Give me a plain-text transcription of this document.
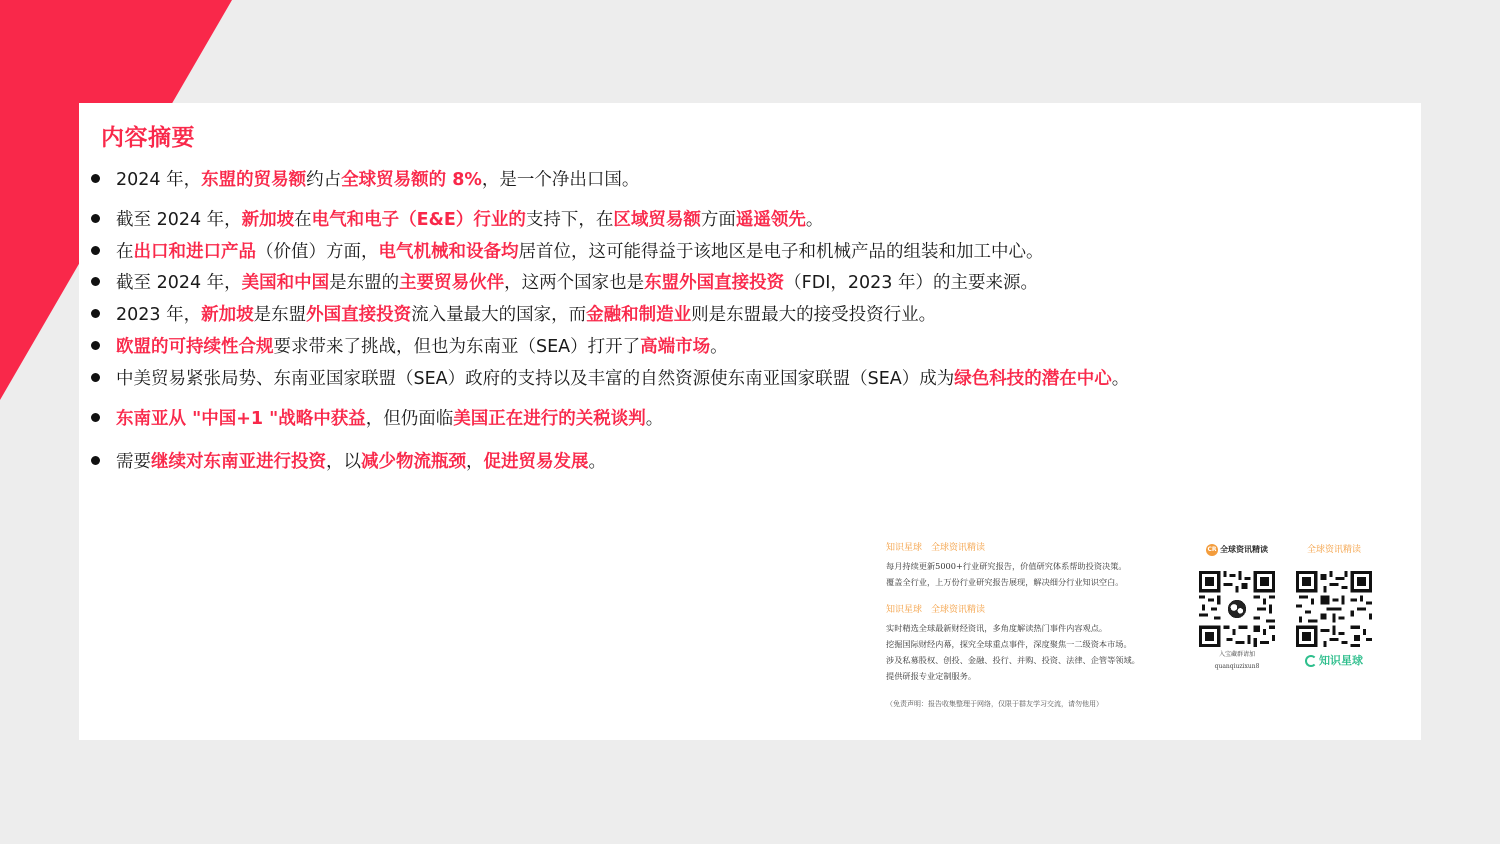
内容摘要
2024 年，东盟的贸易额约占全球贸易额的 8%，是一个净出口国。
截至 2024 年，新加坡在电气和电子（E&E）行业的支持下，在区域贸易额方面遥遥领先。
在出口和进口产品（价值）方面，电气机械和设备均居首位，这可能得益于该地区是电子和机械产品的组装和加工中心。
截至 2024 年，美国和中国是东盟的主要贸易伙伴，这两个国家也是东盟外国直接投资（FDI，2023 年）的主要来源。
2023 年，新加坡是东盟外国直接投资流入量最大的国家，而金融和制造业则是东盟最大的接受投资行业。
欧盟的可持续性合规要求带来了挑战，但也为东南亚（SEA）打开了高端市场。
中美贸易紧张局势、东南亚国家联盟（SEA）政府的支持以及丰富的自然资源使东南亚国家联盟（SEA）成为绿色科技的潜在中心。
东南亚从 "中国+1 "战略中获益，但仍面临美国正在进行的关税谈判。
需要继续对东南亚进行投资，以减少物流瓶颈，促进贸易发展。
知识星球　全球资讯精读
每月持续更新5000+行业研究报告，价值研究体系帮助投资决策。
覆盖全行业，上万份行业研究报告展现，解决细分行业知识空白。
知识星球　全球资讯精读
实时精选全球最新财经资讯，多角度解读热门事件内容观点。
挖掘国际财经内幕，探究全球重点事件，深度聚焦一二级资本市场。
涉及私募股权、创投、金融、投行、并购、投资、法律、企管等领域。
提供研报专业定制服务。
（免责声明：报告收集整理于网络，仅限于群友学习交流，请勿他用）
CR 全球资讯精读
入宝藏群请加
quanqiuzixun8
全球资讯精读
知识星球
